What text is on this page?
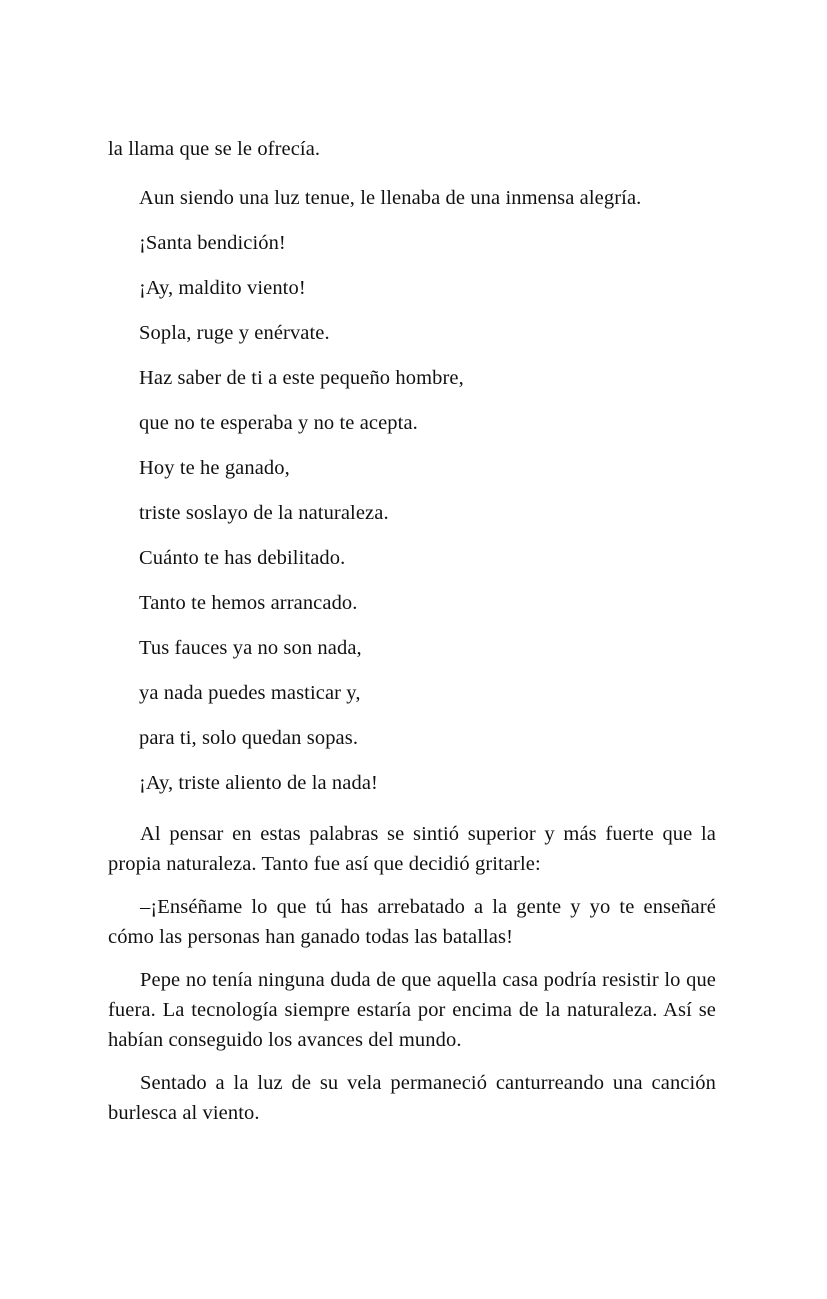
la llama que se le ofrecía.

Aun siendo una luz tenue, le llenaba de una inmensa alegría.

¡Santa bendición!

¡Ay, maldito viento!

Sopla, ruge y enérvate.

Haz saber de ti a este pequeño hombre,

que no te esperaba y no te acepta.

Hoy te he ganado,

triste soslayo de la naturaleza.

Cuánto te has debilitado.

Tanto te hemos arrancado.

Tus fauces ya no son nada,

ya nada puedes masticar y,

para ti, solo quedan sopas.

¡Ay, triste aliento de la nada!

Al pensar en estas palabras se sintió superior y más fuerte que la propia naturaleza. Tanto fue así que decidió gritarle:

–¡Enséñame lo que tú has arrebatado a la gente y yo te enseñaré cómo las personas han ganado todas las batallas!

Pepe no tenía ninguna duda de que aquella casa podría resistir lo que fuera. La tecnología siempre estaría por encima de la naturaleza. Así se habían conseguido los avances del mundo.

Sentado a la luz de su vela permaneció canturreando una canción burlesca al viento.
